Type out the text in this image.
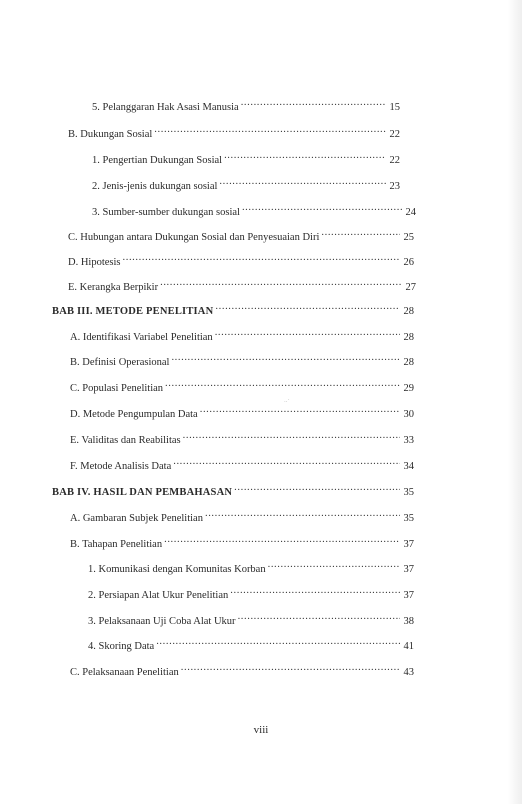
..·
5. Pelanggaran Hak Asasi Manusia .....	15
B. Dukungan Sosial .....	22
1. Pengertian Dukungan Sosial .....	22
2. Jenis-jenis dukungan sosial .....	23
3. Sumber-sumber dukungan sosial .....	24
C. Hubungan antara Dukungan Sosial dan Penyesuaian Diri .....	25
D. Hipotesis .....	26
E. Kerangka Berpikir .....	27
BAB III. METODE PENELITIAN .....	28
A. Identifikasi Variabel Penelitian .....	28
B. Definisi Operasional .....	28
C. Populasi Penelitian .....	29
D. Metode Pengumpulan Data .....	30
E. Validitas dan Reabilitas .....	33
F. Metode Analisis Data .....	34
BAB IV. HASIL DAN PEMBAHASAN .....	35
A. Gambaran Subjek Penelitian .....	35
B. Tahapan Penelitian .....	37
1. Komunikasi dengan Komunitas Korban .....	37
2. Persiapan Alat Ukur Penelitian .....	37
3. Pelaksanaan Uji Coba Alat Ukur .....	38
4. Skoring Data .....	41
C. Pelaksanaan Penelitian .....	43
viii
